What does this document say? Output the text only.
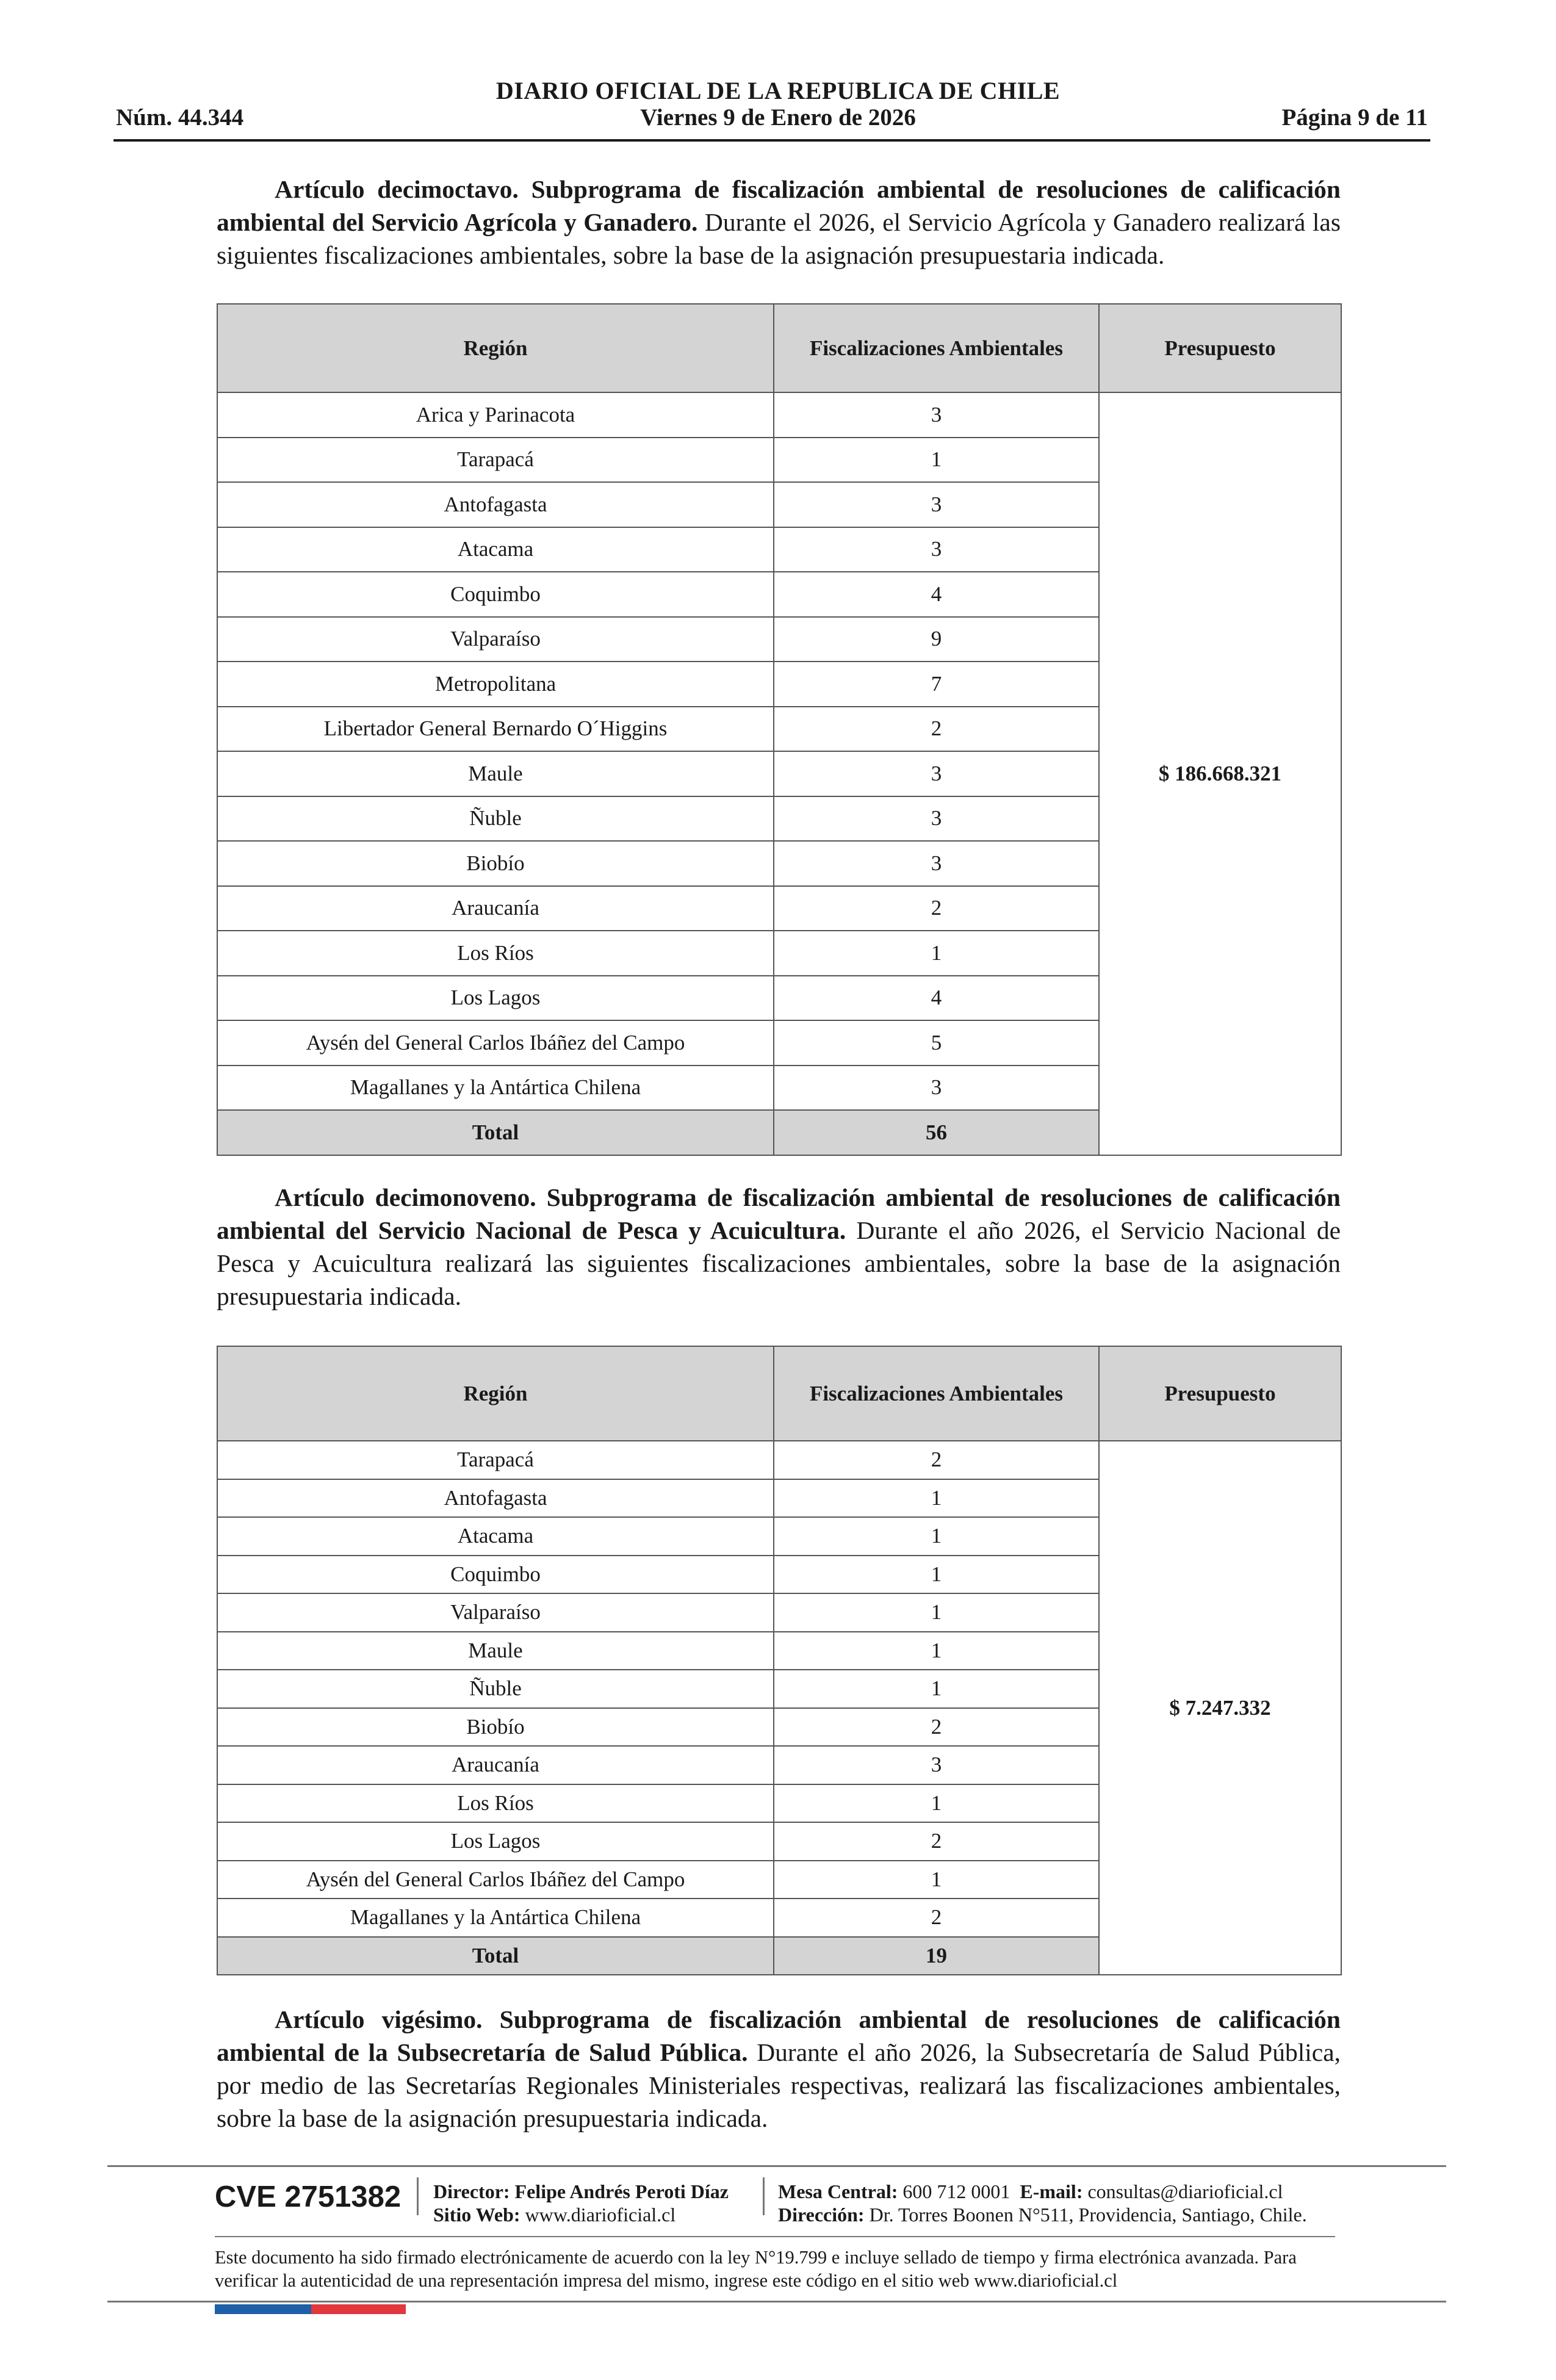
DIARIO OFICIAL DE LA REPUBLICA DE CHILE
Núm. 44.344	Viernes 9 de Enero de 2026	Página 9 de 11
Artículo decimoctavo. Subprograma de fiscalización ambiental de resoluciones de calificación ambiental del Servicio Agrícola y Ganadero. Durante el 2026, el Servicio Agrícola y Ganadero realizará las siguientes fiscalizaciones ambientales, sobre la base de la asignación presupuestaria indicada.
Región	Fiscalizaciones Ambientales	Presupuesto
Arica y Parinacota	3	$ 186.668.321
Tarapacá	1	
Antofagasta	3	
Atacama	3	
Coquimbo	4	
Valparaíso	9	
Metropolitana	7	
Libertador General Bernardo O´Higgins	2	
Maule	3	
Ñuble	3	
Biobío	3	
Araucanía	2	
Los Ríos	1	
Los Lagos	4	
Aysén del General Carlos Ibáñez del Campo	5	
Magallanes y la Antártica Chilena	3	
Total	56	
Artículo decimonoveno. Subprograma de fiscalización ambiental de resoluciones de calificación ambiental del Servicio Nacional de Pesca y Acuicultura. Durante el año 2026, el Servicio Nacional de Pesca y Acuicultura realizará las siguientes fiscalizaciones ambientales, sobre la base de la asignación presupuestaria indicada.
Región	Fiscalizaciones Ambientales	Presupuesto
Tarapacá	2	$ 7.247.332
Antofagasta	1	
Atacama	1	
Coquimbo	1	
Valparaíso	1	
Maule	1	
Ñuble	1	
Biobío	2	
Araucanía	3	
Los Ríos	1	
Los Lagos	2	
Aysén del General Carlos Ibáñez del Campo	1	
Magallanes y la Antártica Chilena	2	
Total	19	
Artículo vigésimo. Subprograma de fiscalización ambiental de resoluciones de calificación ambiental de la Subsecretaría de Salud Pública. Durante el año 2026, la Subsecretaría de Salud Pública, por medio de las Secretarías Regionales Ministeriales respectivas, realizará las fiscalizaciones ambientales, sobre la base de la asignación presupuestaria indicada.
CVE 2751382 Director: Felipe Andrés Peroti Díaz
Sitio Web: www.diarioficial.cl
Mesa Central: 600 712 0001 E-mail: consultas@diarioficial.cl
Dirección: Dr. Torres Boonen N°511, Providencia, Santiago, Chile.
Este documento ha sido firmado electrónicamente de acuerdo con la ley N°19.799 e incluye sellado de tiempo y firma electrónica avanzada. Para verificar la autenticidad de una representación impresa del mismo, ingrese este código en el sitio web www.diarioficial.cl
